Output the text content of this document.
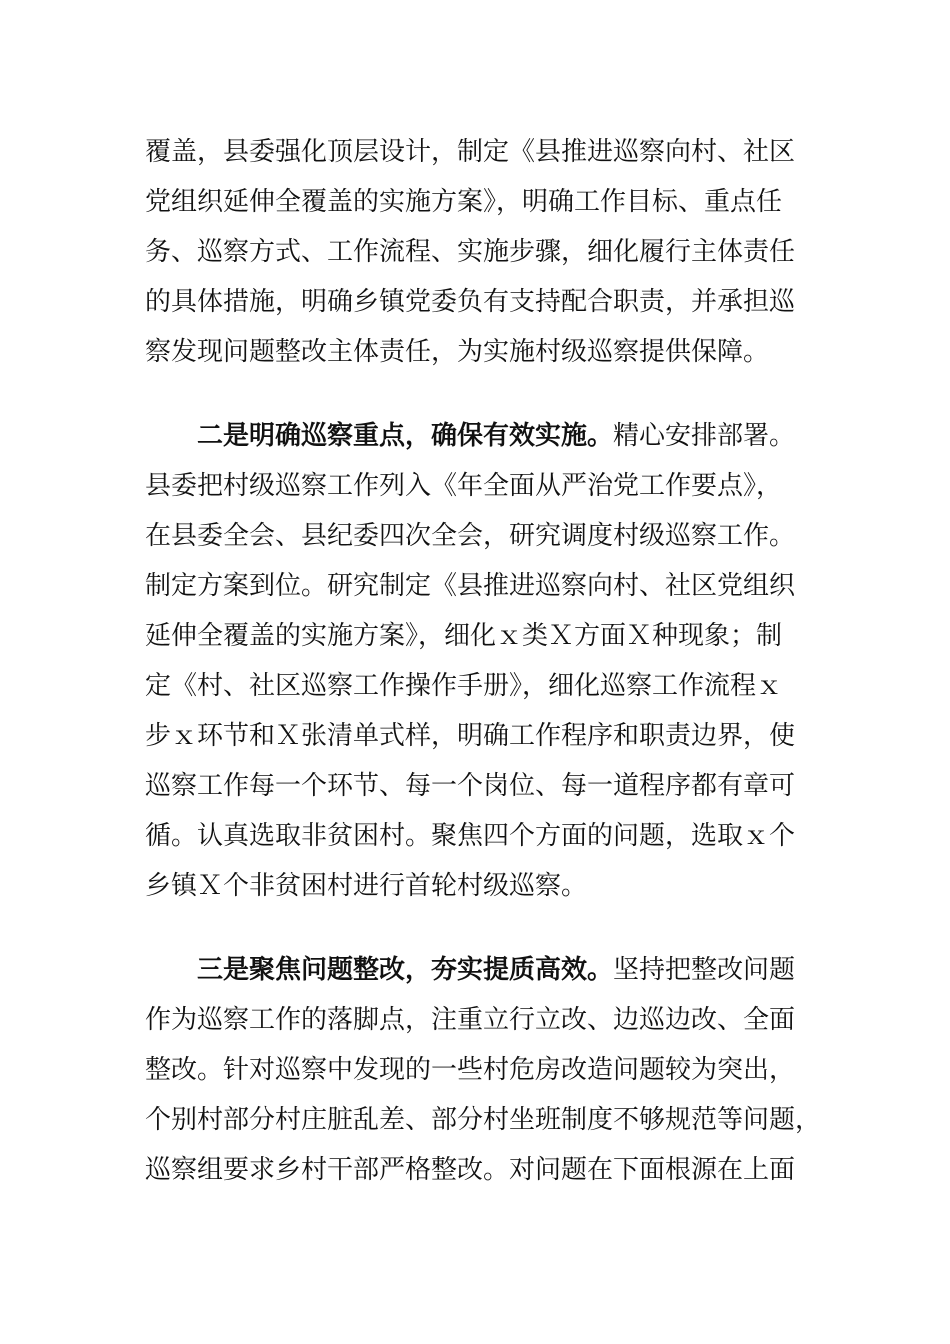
覆盖，县委强化顶层设计，制定《县推进巡察向村、社区
党组织延伸全覆盖的实施方案》，明确工作目标、重点任
务、巡察方式、工作流程、实施步骤，细化履行主体责任
的具体措施，明确乡镇党委负有支持配合职责，并承担巡
察发现问题整改主体责任，为实施村级巡察提供保障。
二是明确巡察重点，确保有效实施。精心安排部署。
县委把村级巡察工作列入《年全面从严治党工作要点》，
在县委全会、县纪委四次全会，研究调度村级巡察工作。
制定方案到位。研究制定《县推进巡察向村、社区党组织
延伸全覆盖的实施方案》，细化ｘ类Ｘ方面Ｘ种现象；制
定《村、社区巡察工作操作手册》，细化巡察工作流程ｘ
步ｘ环节和Ｘ张清单式样，明确工作程序和职责边界，使
巡察工作每一个环节、每一个岗位、每一道程序都有章可
循。认真选取非贫困村。聚焦四个方面的问题，选取ｘ个
乡镇Ｘ个非贫困村进行首轮村级巡察。
三是聚焦问题整改，夯实提质高效。坚持把整改问题
作为巡察工作的落脚点，注重立行立改、边巡边改、全面
整改。针对巡察中发现的一些村危房改造问题较为突出，
个别村部分村庄脏乱差、部分村坐班制度不够规范等问题，
巡察组要求乡村干部严格整改。对问题在下面根源在上面
